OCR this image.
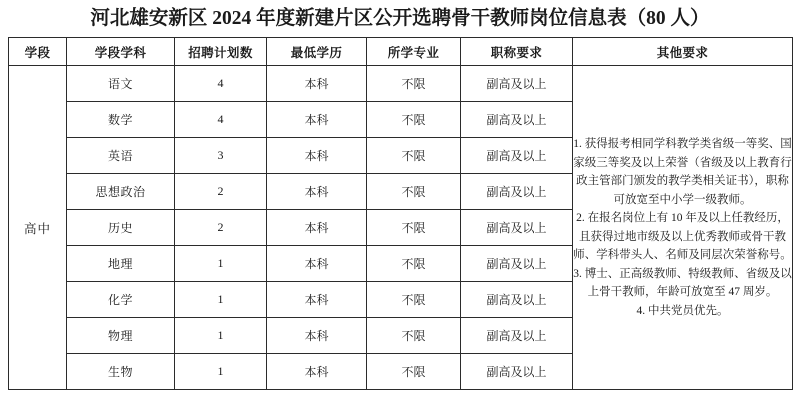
河北雄安新区 2024 年度新建片区公开选聘骨干教师岗位信息表（80 人）
学段	学段学科	招聘计划数	最低学历	所学专业	职称要求	其他要求
高中	语文	4	本科	不限	副高及以上	1. 获得报考相同学科教学类省级一等奖、国家级三等奖及以上荣誉（省级及以上教育行政主管部门颁发的教学类相关证书），职称可放宽至中小学一级教师。

2. 在报名岗位上有 10 年及以上任教经历，且获得过地市级及以上优秀教师或骨干教师、学科带头人、名师及同层次荣誉称号。

3. 博士、正高级教师、特级教师、省级及以上骨干教师，年龄可放宽至 47 周岁。

4. 中共党员优先。

	数学	4	本科	不限	副高及以上	
	英语	3	本科	不限	副高及以上	
	思想政治	2	本科	不限	副高及以上	
	历史	2	本科	不限	副高及以上	
	地理	1	本科	不限	副高及以上	
	化学	1	本科	不限	副高及以上	
	物理	1	本科	不限	副高及以上	
	生物	1	本科	不限	副高及以上	
